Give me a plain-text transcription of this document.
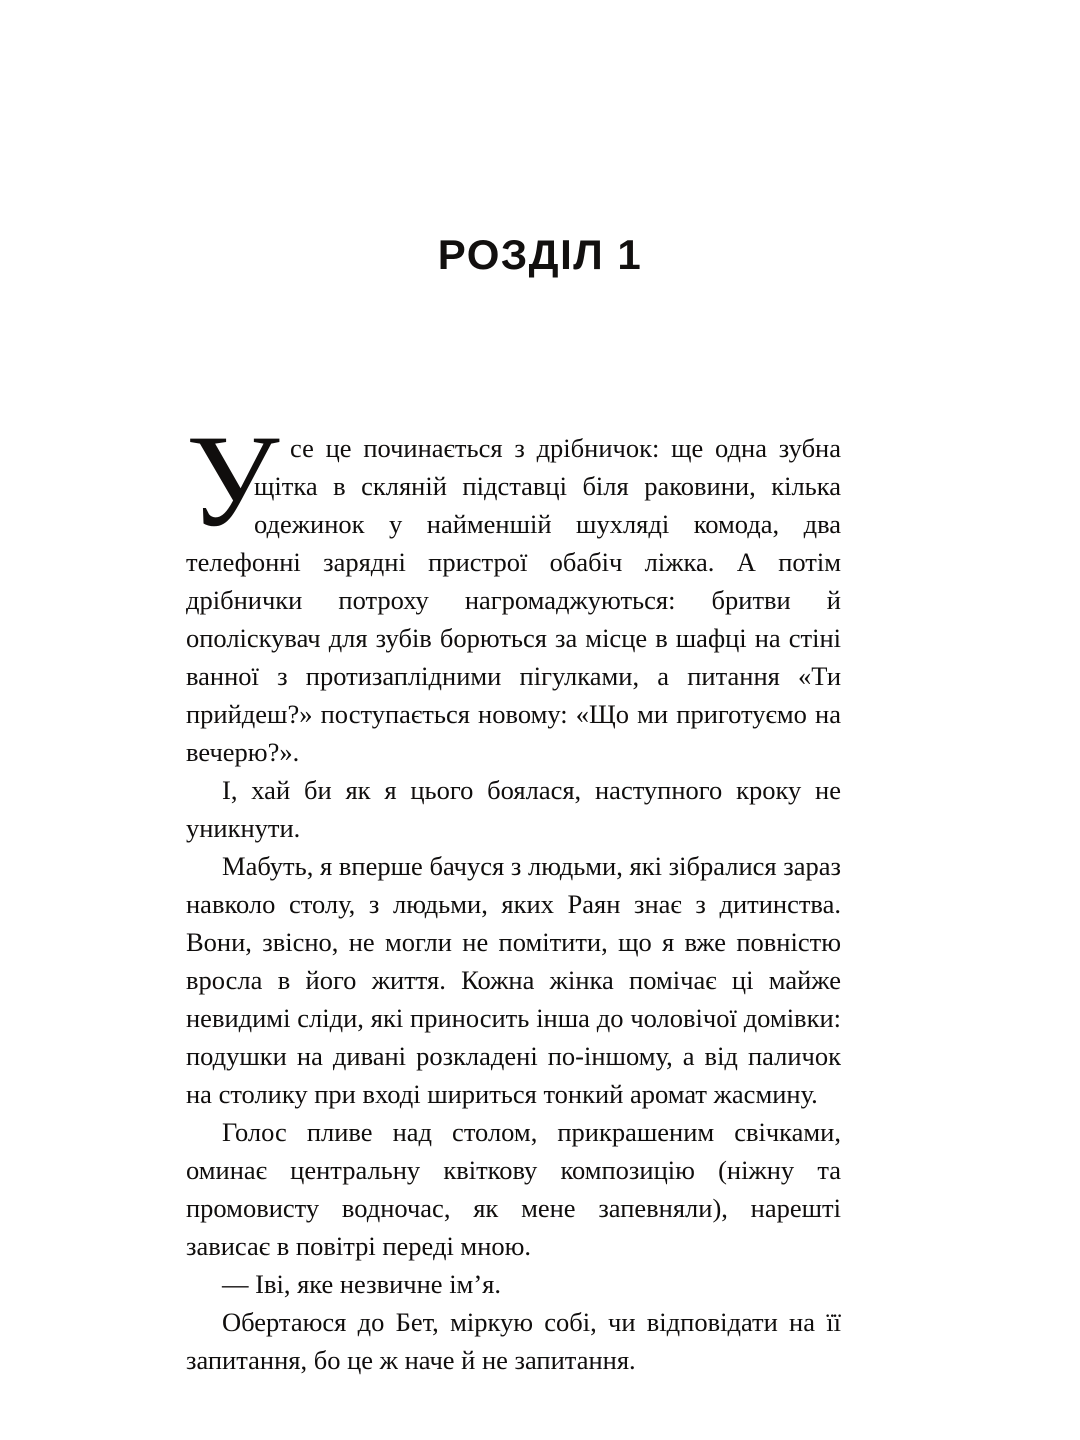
РОЗДІЛ 1

У се це починається з дрібничок: ще одна зубна щітка в скляній підставці біля раковини, кілька одежинок у найменшій шухляді комода, два телефонні зарядні пристрої обабіч ліжка. А потім дрібнички потроху нагромаджуються: бритви й ополіскувач для зубів борються за місце в шафці на стіні ванної з протизаплідними пігулками, а питання «Ти прийдеш?» поступається новому: «Що ми приготуємо на вечерю?».

І, хай би як я цього боялася, наступного кроку не уникнути.

Мабуть, я вперше бачуся з людьми, які зібралися зараз навколо столу, з людьми, яких Раян знає з дитинства. Вони, звісно, не могли не помітити, що я вже повністю вросла в його життя. Кожна жінка помічає ці майже невидимі сліди, які приносить інша до чоловічої домівки: подушки на дивані розкладені по-іншому, а від паличок на столику при вході шириться тонкий аромат жасмину.

Голос пливе над столом, прикрашеним свічками, оминає центральну квіткову композицію (ніжну та промовисту водночас, як мене запевняли), нарешті зависає в повітрі переді мною.

— Іві, яке незвичне ім’я.

Обертаюся до Бет, міркую собі, чи відповідати на її запитання, бо це ж наче й не запитання.
